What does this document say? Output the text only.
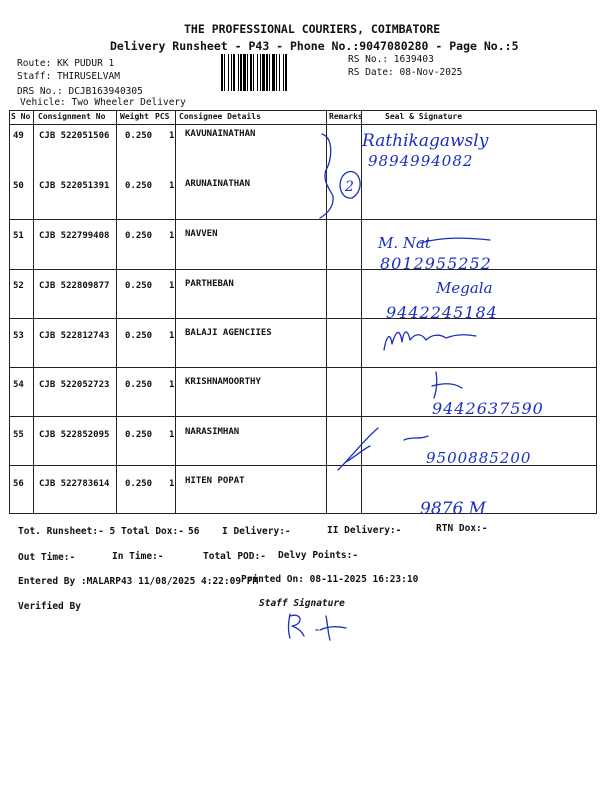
THE PROFESSIONAL COURIERS, COIMBATORE
Delivery Runsheet - P43 - Phone No.:9047080280 - Page No.:5
Route: KK PUDUR 1
Staff: THIRUSELVAM
DRS No.: DCJB163940305
Vehicle: Two Wheeler Delivery
RS No.: 1639403
RS Date: 08-Nov-2025
S No Consignment No Weight PCS Consignee Details	Remarks	Seal & Signature
49 CJB 522051506 0.250 1 KAVUNAINATHAN
50 CJB 522051391 0.250 1 ARUNAINATHAN
51 CJB 522799408 0.250 1 NAVVEN
52 CJB 522809877 0.250 1 PARTHEBAN
53 CJB 522812743 0.250 1 BALAJI AGENCIIES
54 CJB 522052723 0.250 1 KRISHNAMOORTHY
55 CJB 522852095 0.250 1 NARASIMHAN
56 CJB 522783614 0.250 1 HITEN POPAT
2
Rathikagawsly
9894994082
M. Nat
8012955252
Megala
9442245184
9442637590
9500885200
9876 M
Tot. Runsheet:- 5 Total Dox:- 56 I Delivery:-	II Delivery:-	RTN Dox:-
Out Time:-	In Time:-	Total POD:- Delvy Points:-
Entered By :MALARP43 11/08/2025 4:22:09 PM
Printed On: 08-11-2025 16:23:10
Verified By	Staff Signature
R. A
